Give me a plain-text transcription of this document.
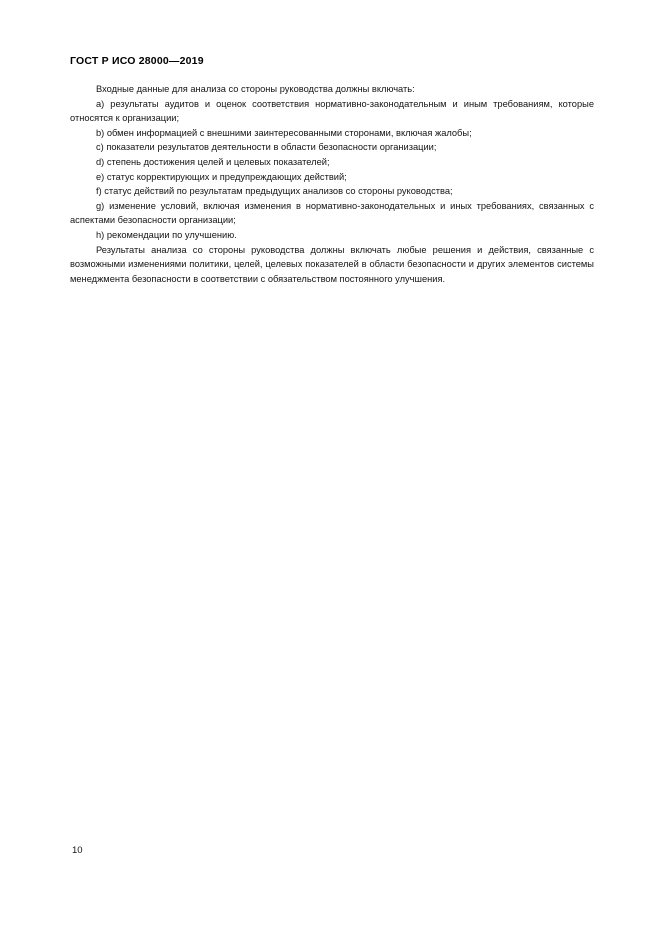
ГОСТ Р ИСО 28000—2019

Входные данные для анализа со стороны руководства должны включать:

a) результаты аудитов и оценок соответствия нормативно-законодательным и иным требованиям, которые относятся к организации;

b) обмен информацией с внешними заинтересованными сторонами, включая жалобы;

c) показатели результатов деятельности в области безопасности организации;

d) степень достижения целей и целевых показателей;

e) статус корректирующих и предупреждающих действий;

f) статус действий по результатам предыдущих анализов со стороны руководства;

g) изменение условий, включая изменения в нормативно-законодательных и иных требованиях, связанных с аспектами безопасности организации;

h) рекомендации по улучшению.

Результаты анализа со стороны руководства должны включать любые решения и действия, связанные с возможными изменениями политики, целей, целевых показателей в области безопасности и других элементов системы менеджмента безопасности в соответствии с обязательством постоянного улучшения.

10
